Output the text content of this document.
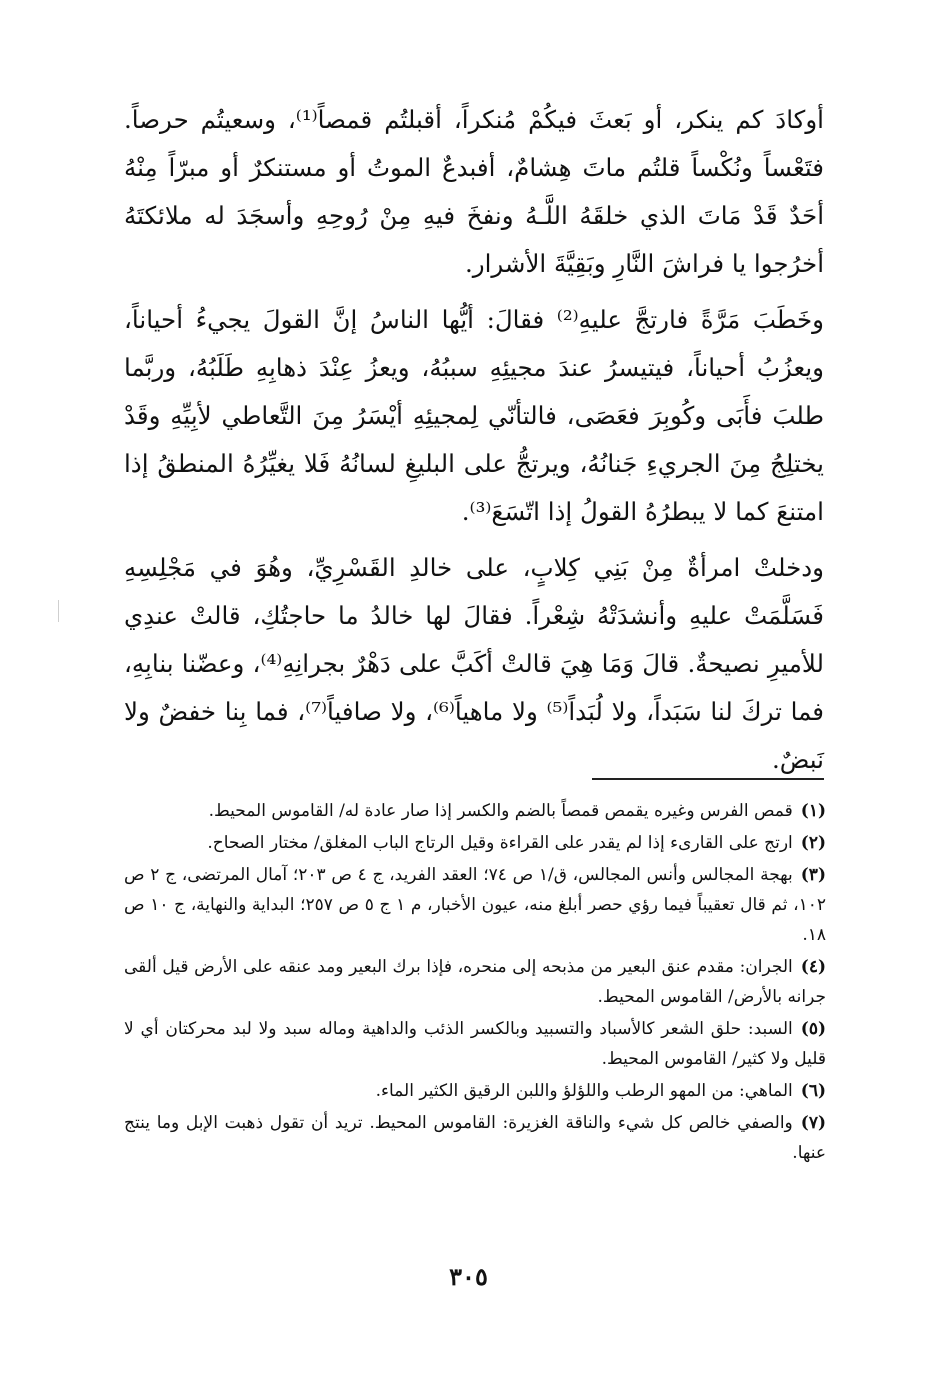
أوكادَ كم ينكر، أو بَعثَ فيكُمْ مُنكراً، أقبلتُم قمصاً⁽¹⁾، وسعيتُم حرصاً. فتَعْساً ونُكْساً قلتُم ماتَ هِشامٌ، أفبدعٌ الموتُ أو مستنكرٌ أو مبرّاً مِنْهُ أحَدٌ قَدْ مَاتَ الذي خلقَهُ اللَّـهُ ونفخَ فيهِ مِنْ رُوحِهِ وأسجَدَ له ملائكتَهُ أخرُجوا يا فراشَ النَّارِ وبَقِيَّةَ الأشرار.

وخَطَبَ مَرَّةً فارتجَّ عليهِ⁽²⁾ فقالَ: أيُّها الناسُ إنَّ القولَ يجيءُ أحياناً، ويعزُبُ أحياناً، فيتيسرُ عندَ مجيئِهِ سببُهُ، ويعزُ عِنْدَ ذهابِهِ طَلَبُهُ، وربَّما طلبَ فأَبَى وكُوبِرَ فعَصَى، فالتأنّي لِمجيئِهِ أيْسَرُ مِنَ التَّعاطي لأبِيِّهِ وقَدْ يختلِجُ مِنَ الجريءِ جَنانُهُ، ويرتجُّ على البليغِ لسانُهُ فَلا يغيِّرُهُ المنطقُ إذا امتنعَ كما لا يبطرُهُ القولُ إذا اتّسَعَ⁽³⁾.

ودخلتْ امرأةٌ مِنْ بَنِي كِلابٍ، على خالدِ القَسْرِيِّ، وهُوَ في مَجْلِسِهِ فَسَلَّمَتْ عليهِ وأنشدَتْهُ شِعْراً. فقالَ لها خالدُ ما حاجتُكِ، قالتْ عندِي للأميرِ نصيحةٌ. قالَ وَمَا هِيَ قالتْ أكَبَّ على دَهْرٌ بجرانِهِ⁽⁴⁾، وعضّنا بنابِهِ، فما تركَ لنا سَبَداً، ولا لُبَداً⁽⁵⁾ ولا ماهياً⁽⁶⁾، ولا صافياً⁽⁷⁾، فما بِنا خفضٌ ولا نَبضٌ.

(١)قمص الفرس وغيره يقمص قمصاً بالضم والكسر إذا صار عادة له/ القاموس المحيط.

(٢)ارتج على القارىء إذا لم يقدر على القراءة وقيل الرتاج الباب المغلق/ مختار الصحاح.

(٣)بهجة المجالس وأنس المجالس، ق/١ ص ٧٤؛ العقد الفريد، ج ٤ ص ٢٠٣؛ آمال المرتضى، ج ٢ ص ١٠٢، ثم قال تعقيباً فيما رؤي حصر أبلغ منه، عيون الأخبار، م ١ ج ٥ ص ٢٥٧؛ البداية والنهاية، ج ١٠ ص ١٨.

(٤)الجران: مقدم عنق البعير من مذبحه إلى منحره، فإذا برك البعير ومد عنقه على الأرض قيل ألقى جرانه بالأرض/ القاموس المحيط.

(٥)السبد: حلق الشعر كالأسباد والتسبيد وبالكسر الذئب والداهية وماله سبد ولا لبد محركتان أي لا قليل ولا كثير/ القاموس المحيط.

(٦)الماهي: من المهو الرطب واللؤلؤ واللبن الرقيق الكثير الماء.

(٧)والصفي خالص كل شيء والناقة الغزيرة: القاموس المحيط. تريد أن تقول ذهبت الإبل وما ينتج عنها.

٣٠٥
